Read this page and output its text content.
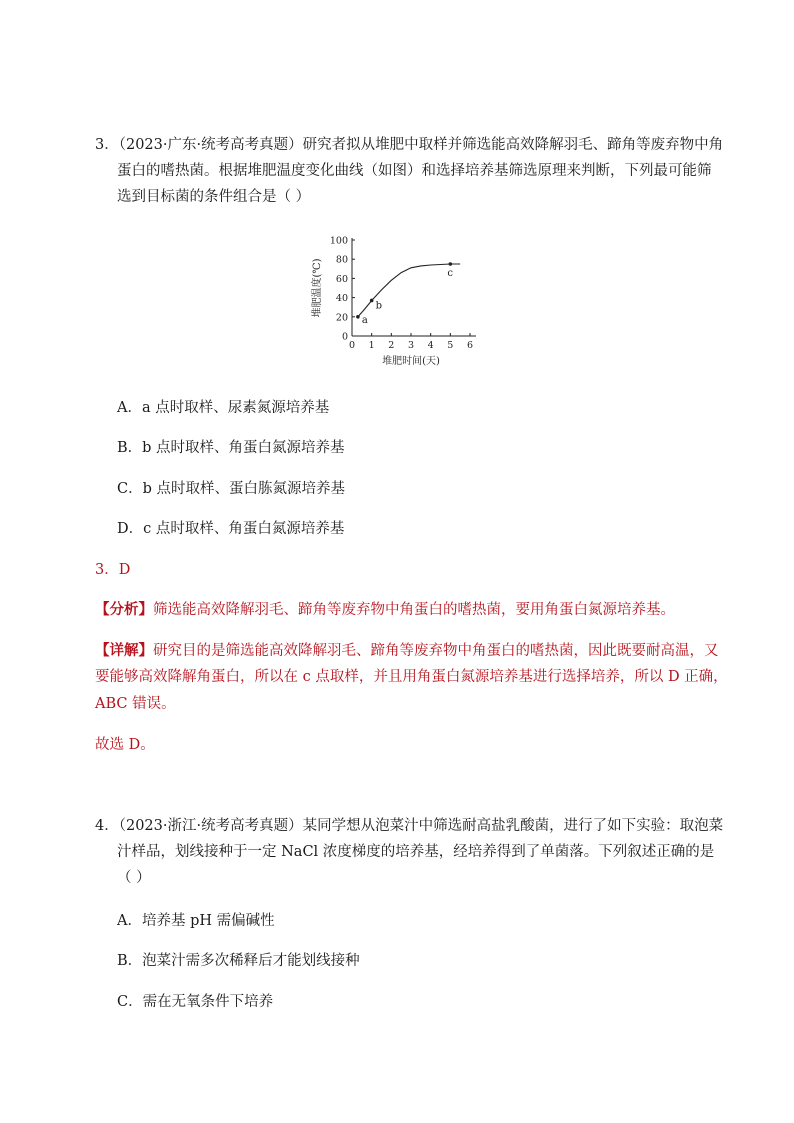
3．（2023·广东·统考高考真题）研究者拟从堆肥中取样并筛选能高效降解羽毛、蹄角等废弃物中角
蛋白的嗜热菌。根据堆肥温度变化曲线（如图）和选择培养基筛选原理来判断，下列最可能筛
选到目标菌的条件组合是（ ）
0 1 2 3 4 5 6
0
20
40
60
80
100
堆肥时间(天)
堆肥温度(℃)
a
b
c
A．a 点时取样、尿素氮源培养基
B．b 点时取样、角蛋白氮源培养基
C．b 点时取样、蛋白胨氮源培养基
D．c 点时取样、角蛋白氮源培养基
3．D
【分析】筛选能高效降解羽毛、蹄角等废弃物中角蛋白的嗜热菌，要用角蛋白氮源培养基。
【详解】研究目的是筛选能高效降解羽毛、蹄角等废弃物中角蛋白的嗜热菌，因此既要耐高温，又
要能够高效降解角蛋白，所以在 c 点取样，并且用角蛋白氮源培养基进行选择培养，所以 D 正确，
ABC 错误。
故选 D。
4．（2023·浙江·统考高考真题）某同学想从泡菜汁中筛选耐高盐乳酸菌，进行了如下实验：取泡菜
汁样品，划线接种于一定 NaCl 浓度梯度的培养基，经培养得到了单菌落。下列叙述正确的是
（ ）
A．培养基 pH 需偏碱性
B．泡菜汁需多次稀释后才能划线接种
C．需在无氧条件下培养
